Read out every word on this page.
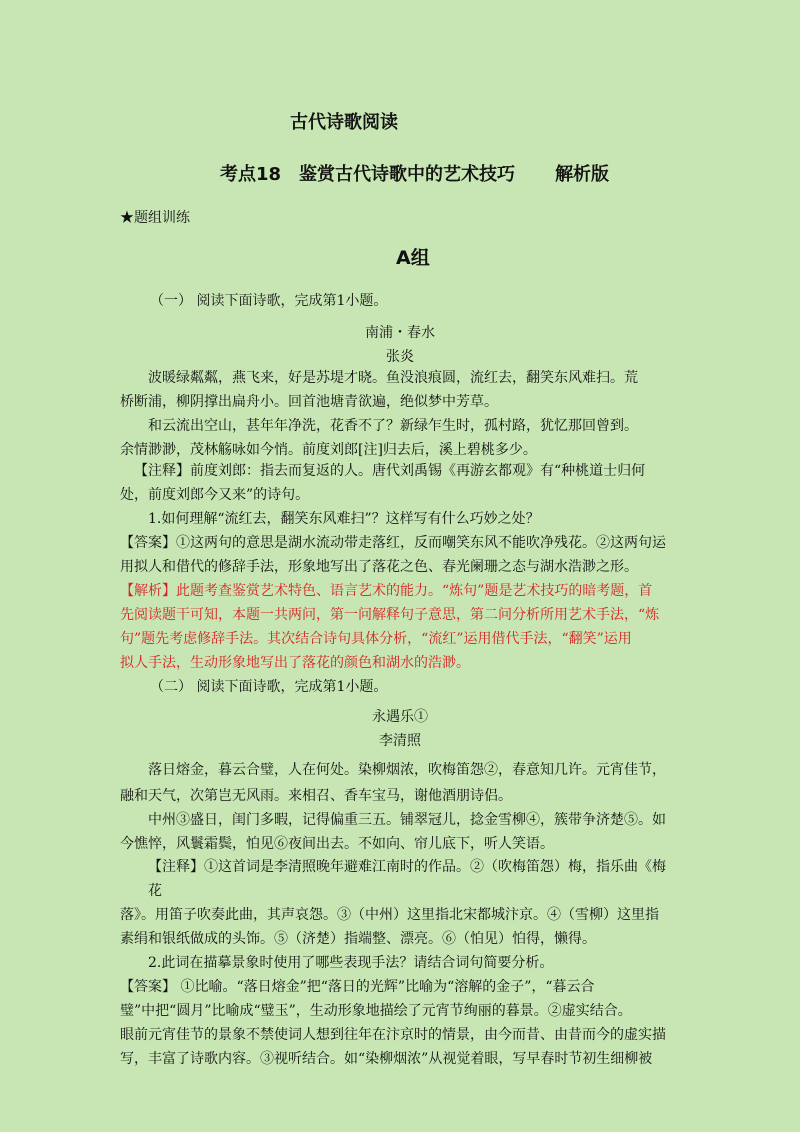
古代诗歌阅读
考点18　鉴赏古代诗歌中的艺术技巧 解析版
★题组训练
A组
（一） 阅读下面诗歌，完成第1小题。
南浦・春水
张炎
波暖绿粼粼，燕飞来，好是苏堤才晓。鱼没浪痕圆，流红去，翻笑东风难扫。荒
桥断浦，柳阴撑出扁舟小。回首池塘青欲遍，绝似梦中芳草。
和云流出空山，甚年年净洗，花香不了？新绿乍生时，孤村路，犹忆那回曾到。
余情渺渺，茂林觞咏如今悄。前度刘郎[注]归去后，溪上碧桃多少。
【注释】前度刘郎：指去而复返的人。唐代刘禹锡《再游玄都观》有“种桃道士归何
处，前度刘郎今又来”的诗句。
1.如何理解“流红去，翻笑东风难扫”？这样写有什么巧妙之处？
【答案】①这两句的意思是湖水流动带走落红，反而嘲笑东风不能吹净残花。②这两句运
用拟人和借代的修辞手法，形象地写出了落花之色、春光阑珊之态与湖水浩渺之形。
【解析】此题考查鉴赏艺术特色、语言艺术的能力。“炼句”题是艺术技巧的暗考题，首
先阅读题干可知，本题一共两问，第一问解释句子意思，第二问分析所用艺术手法，“炼
句”题先考虑修辞手法。其次结合诗句具体分析，“流红”运用借代手法，“翻笑”运用
拟人手法，生动形象地写出了落花的颜色和湖水的浩渺。
（二） 阅读下面诗歌，完成第1小题。
永遇乐①
李清照
落日熔金，暮云合璧，人在何处。染柳烟浓，吹梅笛怨②，春意知几许。元宵佳节，
融和天气，次第岂无风雨。来相召、香车宝马，谢他酒朋诗侣。
中州③盛日，闺门多暇，记得偏重三五。铺翠冠儿，捻金雪柳④，簇带争济楚⑤。如
今憔悴，风鬟霜鬓，怕见⑥夜间出去。不如向、帘儿底下，听人笑语。
【注释】①这首词是李清照晚年避难江南时的作品。②（吹梅笛怨）梅，指乐曲《梅
花
落》。用笛子吹奏此曲，其声哀怨。③（中州）这里指北宋都城汴京。④（雪柳）这里指
素绢和银纸做成的头饰。⑤（济楚）指端整、漂亮。⑥（怕见）怕得，懒得。
2.此词在描摹景象时使用了哪些表现手法？请结合词句简要分析。
【答案】 ①比喻。“落日熔金”把“落日的光辉”比喻为“溶解的金子”，“暮云合
璧”中把“圆月”比喻成“璧玉”，生动形象地描绘了元宵节绚丽的暮景。②虚实结合。
眼前元宵佳节的景象不禁使词人想到往年在汴京时的情景，由今而昔、由昔而今的虚实描
写，丰富了诗歌内容。③视听结合。如“染柳烟浓”从视觉着眼，写早春时节初生细柳被
